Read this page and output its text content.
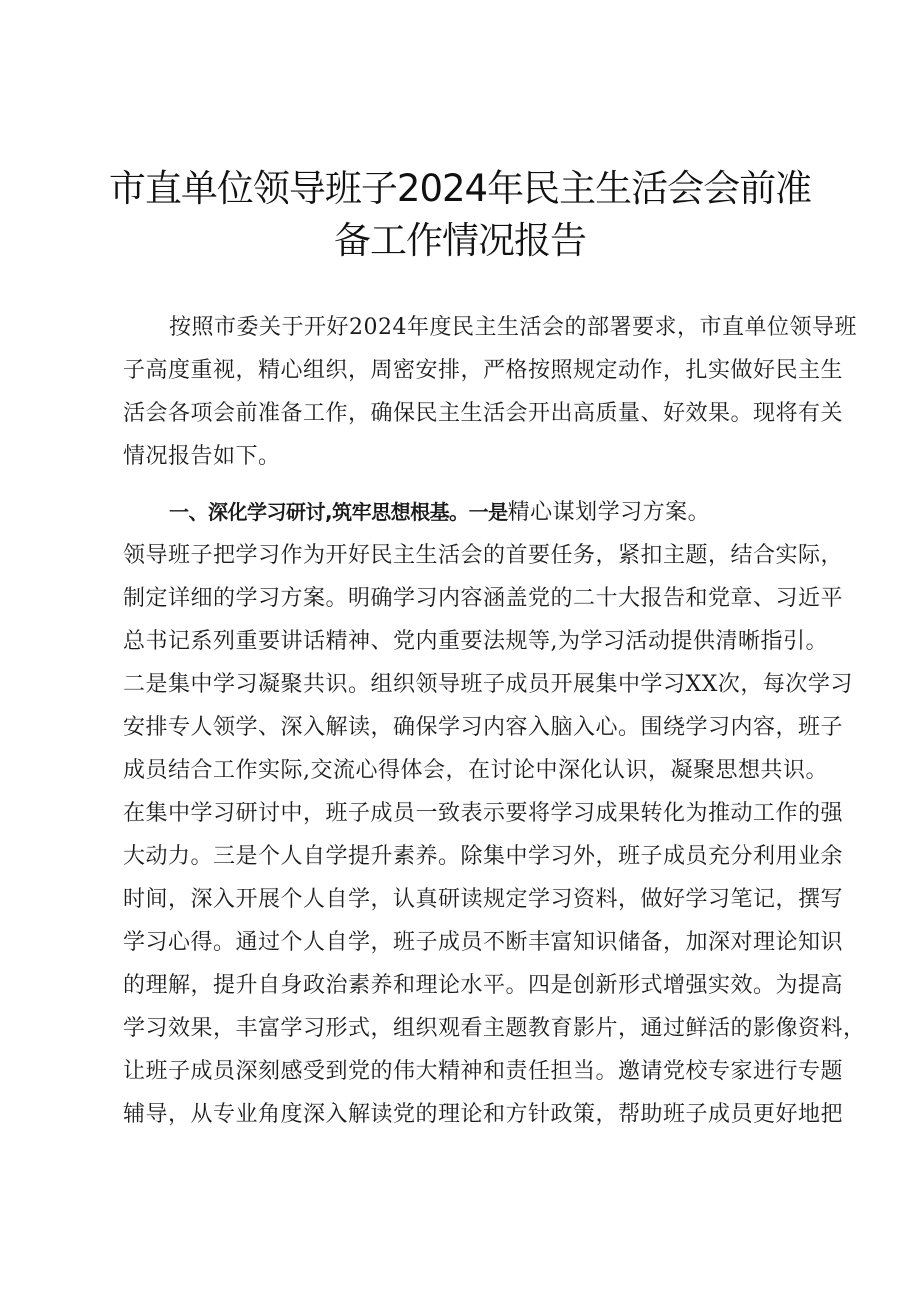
市直单位领导班子2024年民主生活会会前准
备工作情况报告
按照市委关于开好2024年度民主生活会的部署要求，市直单位领导班
子高度重视，精心组织，周密安排，严格按照规定动作，扎实做好民主生
活会各项会前准备工作，确保民主生活会开出高质量、好效果。现将有关
情况报告如下。
一、深化学习研讨,筑牢思想根基。一是精心谋划学习方案。
领导班子把学习作为开好民主生活会的首要任务，紧扣主题，结合实际，
制定详细的学习方案。明确学习内容涵盖党的二十大报告和党章、习近平
总书记系列重要讲话精神、党内重要法规等,为学习活动提供清晰指引。
二是集中学习凝聚共识。组织领导班子成员开展集中学习XX次，每次学习
安排专人领学、深入解读，确保学习内容入脑入心。围绕学习内容，班子
成员结合工作实际,交流心得体会，在讨论中深化认识，凝聚思想共识。
在集中学习研讨中，班子成员一致表示要将学习成果转化为推动工作的强
大动力。三是个人自学提升素养。除集中学习外，班子成员充分利用业余
时间，深入开展个人自学，认真研读规定学习资料，做好学习笔记，撰写
学习心得。通过个人自学，班子成员不断丰富知识储备，加深对理论知识
的理解，提升自身政治素养和理论水平。四是创新形式增强实效。为提高
学习效果，丰富学习形式，组织观看主题教育影片，通过鲜活的影像资料，
让班子成员深刻感受到党的伟大精神和责任担当。邀请党校专家进行专题
辅导，从专业角度深入解读党的理论和方针政策，帮助班子成员更好地把
